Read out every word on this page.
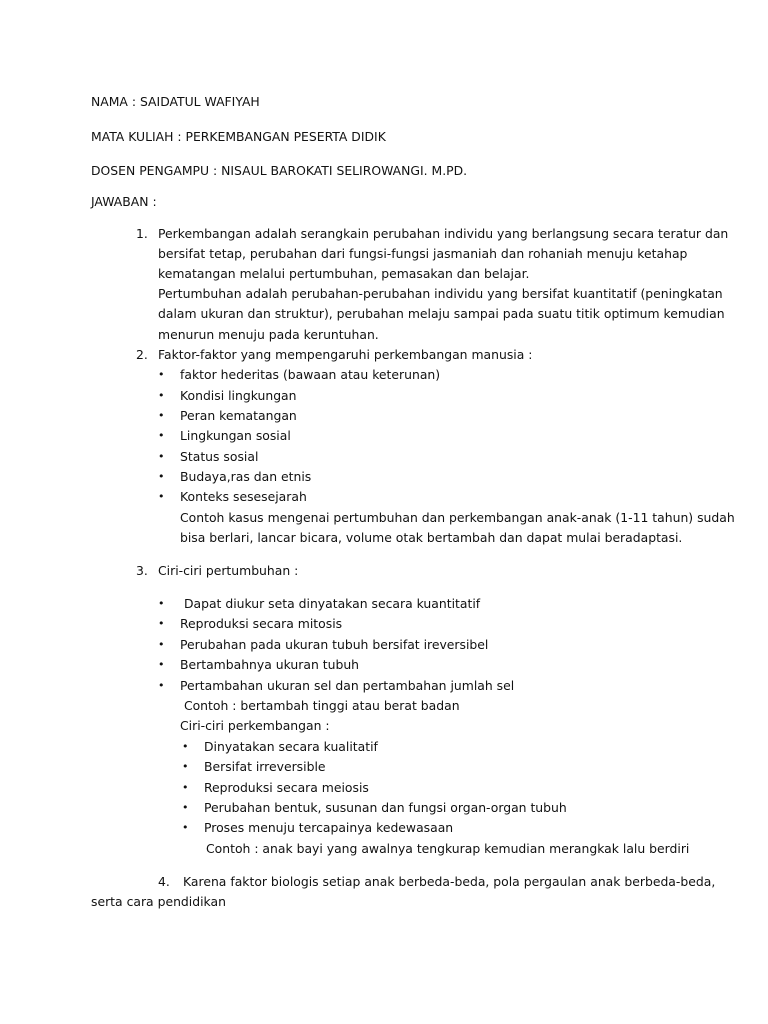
NAMA : SAIDATUL WAFIYAH
MATA KULIAH : PERKEMBANGAN PESERTA DIDIK
DOSEN PENGAMPU : NISAUL BAROKATI SELIROWANGI. M.PD.
JAWABAN :
1. Perkembangan adalah serangkain perubahan individu yang berlangsung secara teratur dan
bersifat tetap, perubahan dari fungsi-fungsi jasmaniah dan rohaniah menuju ketahap
kematangan melalui pertumbuhan, pemasakan dan belajar.
Pertumbuhan adalah perubahan-perubahan individu yang bersifat kuantitatif (peningkatan
dalam ukuran dan struktur), perubahan melaju sampai pada suatu titik optimum kemudian
menurun menuju pada keruntuhan.
2. Faktor-faktor yang mempengaruhi perkembangan manusia :
• faktor hederitas (bawaan atau keterunan)
• Kondisi lingkungan
• Peran kematangan
• Lingkungan sosial
• Status sosial
• Budaya,ras dan etnis
• Konteks sesesejarah
Contoh kasus mengenai pertumbuhan dan perkembangan anak-anak (1-11 tahun) sudah
bisa berlari, lancar bicara, volume otak bertambah dan dapat mulai beradaptasi.
3. Ciri-ciri pertumbuhan :
• Dapat diukur seta dinyatakan secara kuantitatif
• Reproduksi secara mitosis
• Perubahan pada ukuran tubuh bersifat ireversibel
• Bertambahnya ukuran tubuh
• Pertambahan ukuran sel dan pertambahan jumlah sel
Contoh : bertambah tinggi atau berat badan
Ciri-ciri perkembangan :
• Dinyatakan secara kualitatif
• Bersifat irreversible
• Reproduksi secara meiosis
• Perubahan bentuk, susunan dan fungsi organ-organ tubuh
• Proses menuju tercapainya kedewasaan
Contoh : anak bayi yang awalnya tengkurap kemudian merangkak lalu berdiri
4. Karena faktor biologis setiap anak berbeda-beda, pola pergaulan anak berbeda-beda,
serta cara pendidikan
